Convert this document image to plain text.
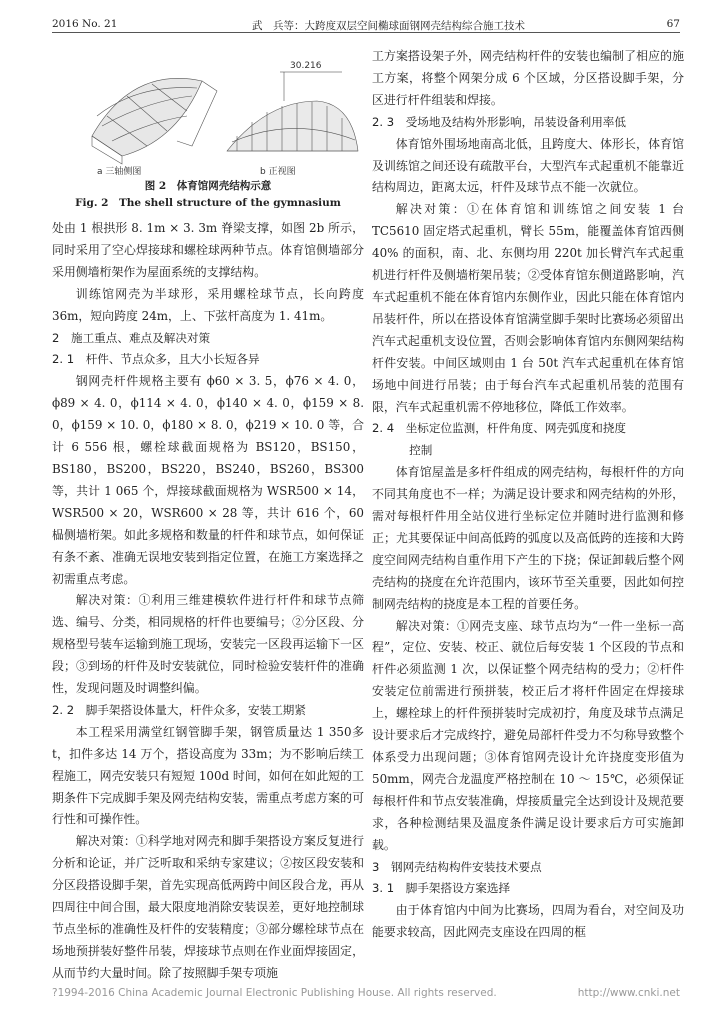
2016 No. 21	武　兵等：大跨度双层空间椭球面钢网壳结构综合施工技术	67
30.216
a 三轴侧图	b 正视图
图 2　体育馆网壳结构示意
Fig. 2　The shell structure of the gymnasium

处由 1 根拱形 8. 1m × 3. 3m 脊梁支撑，如图 2b 所示，同时采用了空心焊接球和螺栓球两种节点。体育馆侧墙部分采用侧墙桁架作为屋面系统的支撑结构。

训练馆网壳为半球形，采用螺栓球节点，长向跨度 36m，短向跨度 24m，上、下弦杆高度为 1. 41m。

2　施工重点、难点及解决对策

2. 1　杆件、节点众多，且大小长短各异

钢网壳杆件规格主要有 ϕ60 × 3. 5，ϕ76 × 4. 0，ϕ89 × 4. 0，ϕ114 × 4. 0，ϕ140 × 4. 0，ϕ159 × 8. 0，ϕ159 × 10. 0，ϕ180 × 8. 0，ϕ219 × 10. 0 等，合计 6 556 根，螺栓球截面规格为 BS120，BS150，BS180，BS200，BS220，BS240，BS260，BS300 等，共计 1 065 个，焊接球截面规格为 WSR500 × 14，WSR500 × 20，WSR600 × 28 等，共计 616 个，60 榀侧墙桁架。如此多规格和数量的杆件和球节点，如何保证有条不紊、准确无误地安装到指定位置，在施工方案选择之初需重点考虑。

解决对策：①利用三维建模软件进行杆件和球节点筛选、编号、分类，相同规格的杆件也要编号；②分区段、分规格型号装车运输到施工现场，安装完一区段再运输下一区段；③到场的杆件及时安装就位，同时检验安装杆件的准确性，发现问题及时调整纠偏。

2. 2　脚手架搭设体量大，杆件众多，安装工期紧

本工程采用满堂红钢管脚手架，钢管质量达 1 350多 t，扣件多达 14 万个，搭设高度为 33m；为不影响后续工程施工，网壳安装只有短短 100d 时间，如何在如此短的工期条件下完成脚手架及网壳结构安装，需重点考虑方案的可行性和可操作性。

解决对策：①科学地对网壳和脚手架搭设方案反复进行分析和论证，并广泛听取和采纳专家建议；②按区段安装和分区段搭设脚手架，首先实现高低两跨中间区段合龙，再从四周往中间合围，最大限度地消除安装误差，更好地控制球节点坐标的准确性及杆件的安装精度；③部分螺栓球节点在场地预拼装好整件吊装，焊接球节点则在作业面焊接固定，从而节约大量时间。除了按照脚手架专项施

工方案搭设架子外，网壳结构杆件的安装也编制了相应的施工方案，将整个网架分成 6 个区域，分区搭设脚手架，分区进行杆件组装和焊接。

2. 3　受场地及结构外形影响，吊装设备利用率低

体育馆外围场地南高北低，且跨度大、体形长，体育馆及训练馆之间还设有疏散平台，大型汽车式起重机不能靠近结构周边，距离太远，杆件及球节点不能一次就位。

解决对策：①在体育馆和训练馆之间安装 1 台 TC5610 固定塔式起重机，臂长 55m，能覆盖体育馆西侧 40% 的面积，南、北、东侧均用 220t 加长臂汽车式起重机进行杆件及侧墙桁架吊装；②受体育馆东侧道路影响，汽车式起重机不能在体育馆内东侧作业，因此只能在体育馆内吊装杆件，所以在搭设体育馆满堂脚手架时比赛场必须留出汽车式起重机支设位置，否则会影响体育馆内东侧网架结构杆件安装。中间区域则由 1 台 50t 汽车式起重机在体育馆场地中间进行吊装；由于每台汽车式起重机吊装的范围有限，汽车式起重机需不停地移位，降低工作效率。

2. 4　坐标定位监测，杆件角度、网壳弧度和挠度

控制

体育馆屋盖是多杆件组成的网壳结构，每根杆件的方向不同其角度也不一样；为满足设计要求和网壳结构的外形，需对每根杆件用全站仪进行坐标定位并随时进行监测和修正；尤其要保证中间高低跨的弧度以及高低跨的连接和大跨度空间网壳结构自重作用下产生的下挠；保证卸载后整个网壳结构的挠度在允许范围内，该环节至关重要，因此如何控制网壳结构的挠度是本工程的首要任务。

解决对策：①网壳支座、球节点均为“一件一坐标一高程”，定位、安装、校正、就位后每安装 1 个区段的节点和杆件必须监测 1 次，以保证整个网壳结构的受力；②杆件安装定位前需进行预拼装，校正后才将杆件固定在焊接球上，螺栓球上的杆件预拼装时完成初拧，角度及球节点满足设计要求后才完成终拧，避免局部杆件受力不匀称导致整个体系受力出现问题；③体育馆网壳设计允许挠度变形值为 50mm，网壳合龙温度严格控制在 10 ～ 15℃，必须保证每根杆件和节点安装准确，焊接质量完全达到设计及规范要求，各种检测结果及温度条件满足设计要求后方可实施卸载。

3　钢网壳结构构件安装技术要点

3. 1　脚手架搭设方案选择

由于体育馆内中间为比赛场，四周为看台，对空间及功能要求较高，因此网壳支座设在四周的框

?1994-2016 China Academic Journal Electronic Publishing House. All rights reserved.	http://www.cnki.net
